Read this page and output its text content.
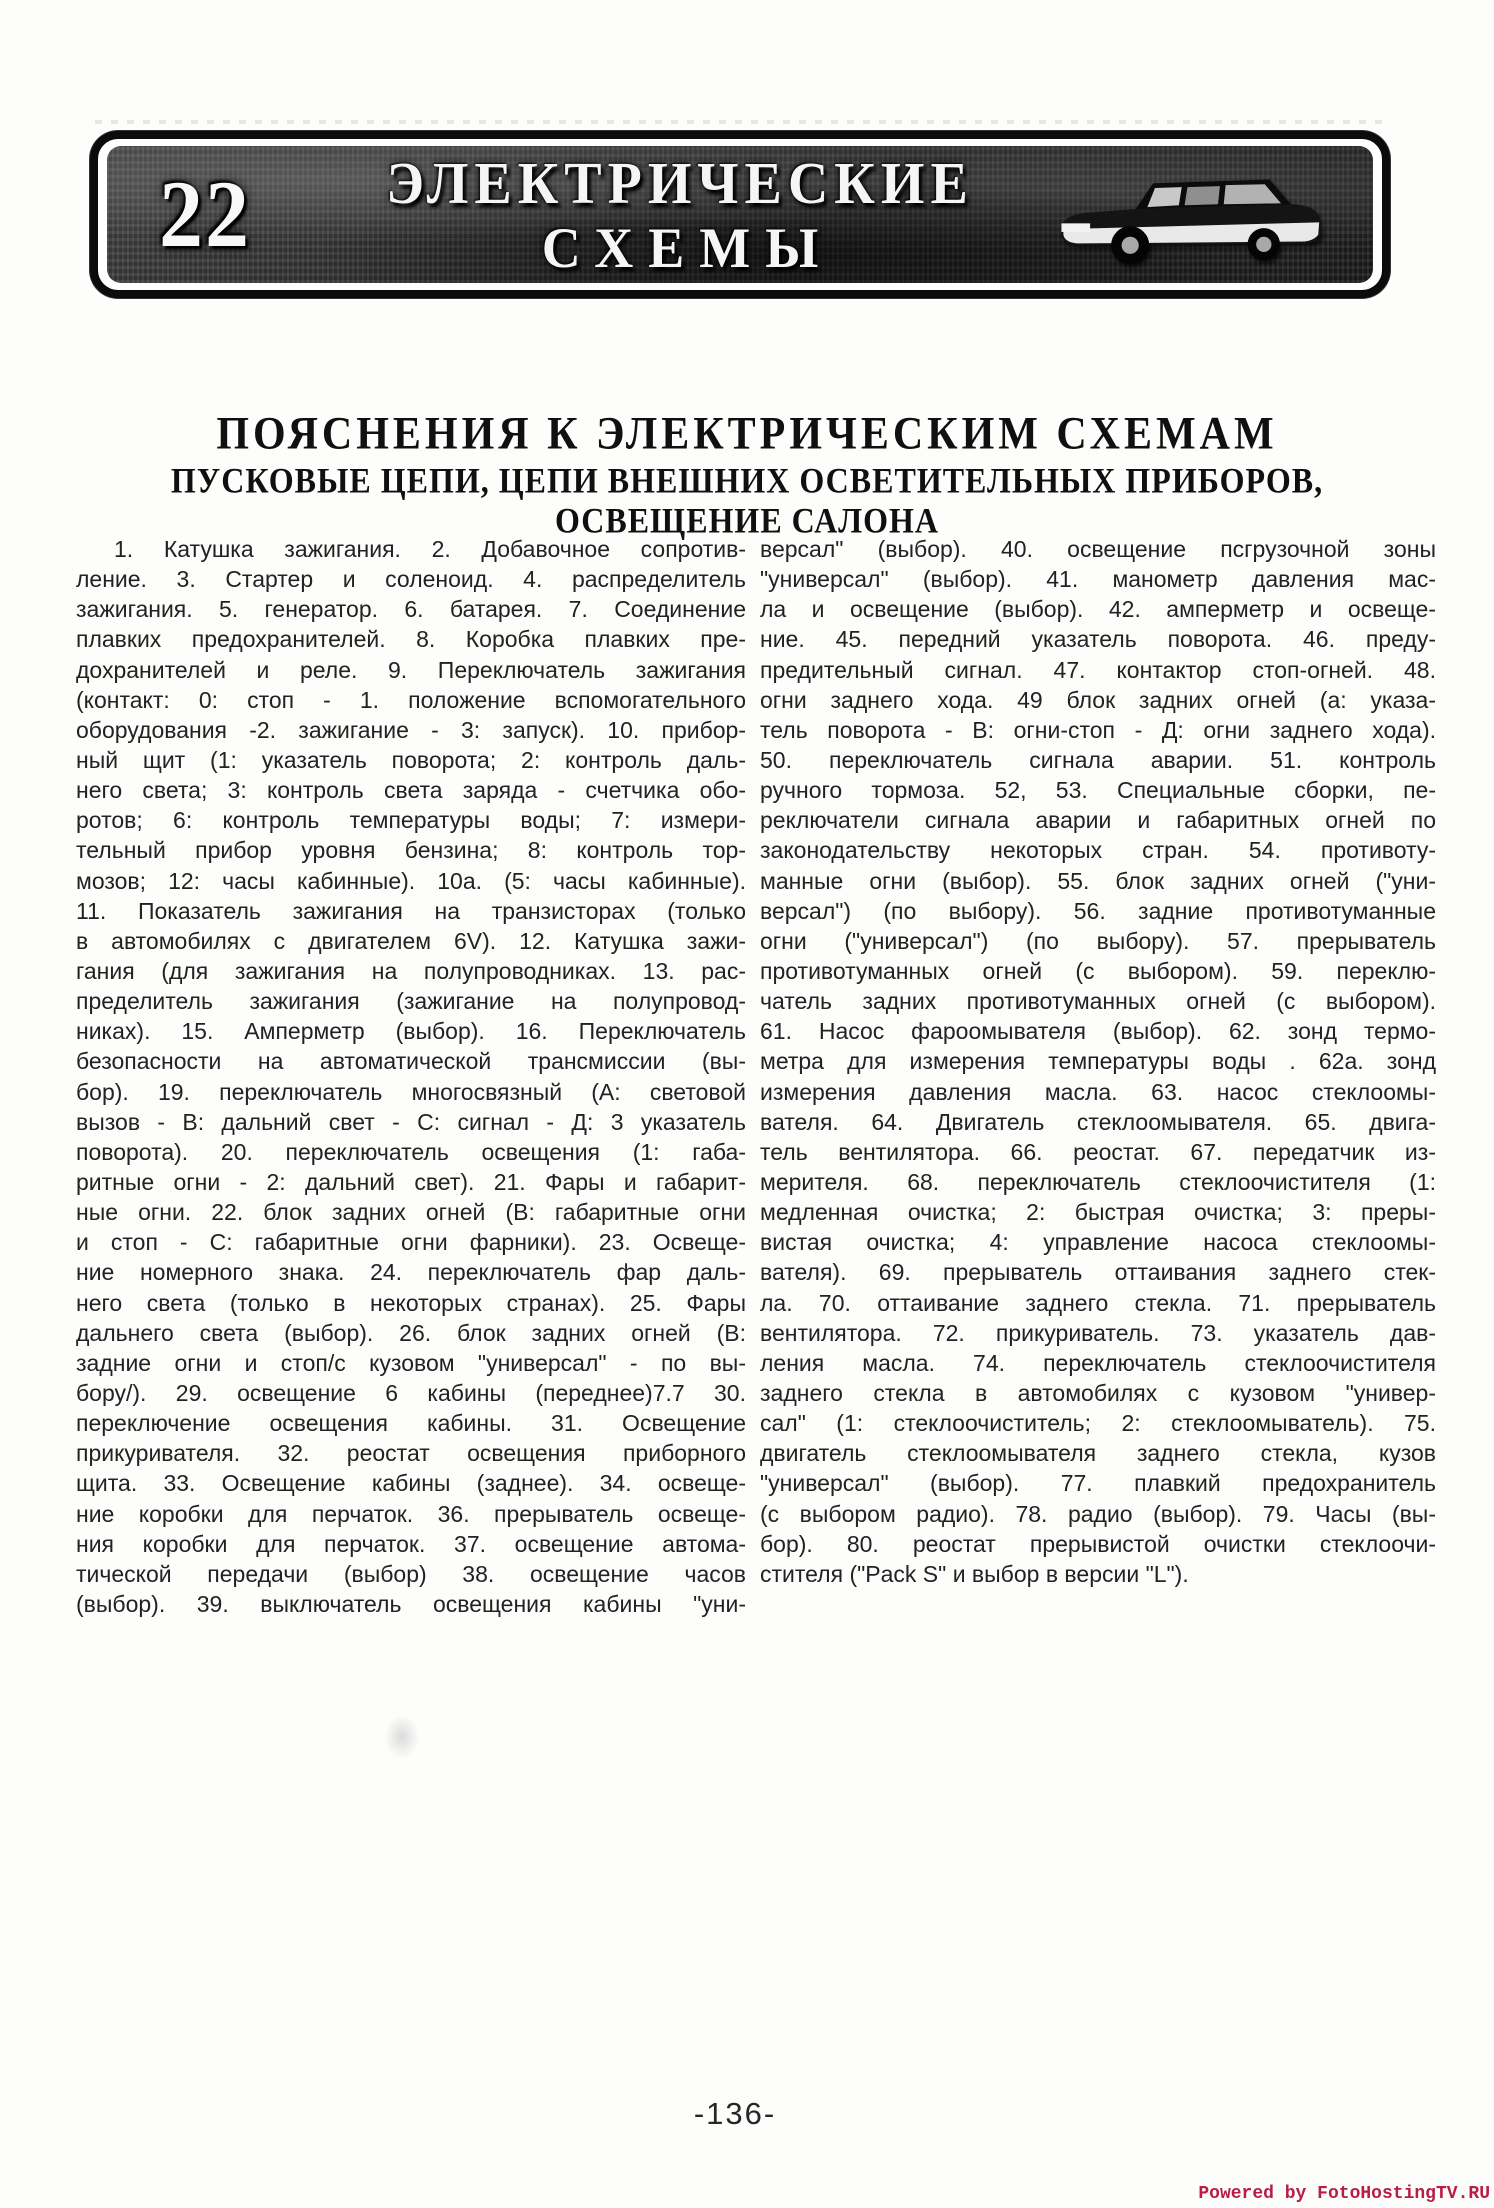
22 ЭЛЕКТРИЧЕСКИЕ
СХЕМЫ
ПОЯСНЕНИЯ К ЭЛЕКТРИЧЕСКИМ СХЕМАМ
ПУСКОВЫЕ ЦЕПИ, ЦЕПИ ВНЕШНИХ ОСВЕТИТЕЛЬНЫХ ПРИБОРОВ,
ОСВЕЩЕНИЕ САЛОНА
1. Катушка зажигания. 2. Добавочное сопротив-
ление. 3. Стартер и соленоид. 4. распределитель
зажигания. 5. генератор. 6. батарея. 7. Соединение
плавких предохранителей. 8. Коробка плавких пре-
дохранителей и реле. 9. Переключатель зажигания
(контакт: 0: стоп - 1. положение вспомогательного
оборудования -2. зажигание - 3: запуск). 10. прибор-
ный щит (1: указатель поворота; 2: контроль даль-
него света; 3: контроль света заряда - счетчика обо-
ротов; 6: контроль температуры воды; 7: измери-
тельный прибор уровня бензина; 8: контроль тор-
мозов; 12: часы кабинные). 10а. (5: часы кабинные).
11. Показатель зажигания на транзисторах (только
в автомобилях с двигателем 6V). 12. Катушка зажи-
гания (для зажигания на полупроводниках. 13. рас-
пределитель зажигания (зажигание на полупровод-
никах). 15. Амперметр (выбор). 16. Переключатель
безопасности на автоматической трансмиссии (вы-
бор). 19. переключатель многосвязный (А: световой
вызов - В: дальний свет - С: сигнал - Д: 3 указатель
поворота). 20. переключатель освещения (1: габа-
ритные огни - 2: дальний свет). 21. Фары и габарит-
ные огни. 22. блок задних огней (В: габаритные огни
и стоп - С: габаритные огни фарники). 23. Освеще-
ние номерного знака. 24. переключатель фар даль-
него света (только в некоторых странах). 25. Фары
дальнего света (выбор). 26. блок задних огней (В:
задние огни и стоп/с кузовом "универсал" - по вы-
бору/). 29. освещение 6 кабины (переднее)7.7 30.
переключение освещения кабины. 31. Освещение
прикуривателя. 32. реостат освещения приборного
щита. 33. Освещение кабины (заднее). 34. освеще-
ние коробки для перчаток. 36. прерыватель освеще-
ния коробки для перчаток. 37. освещение автома-
тической передачи (выбор) 38. освещение часов
(выбор). 39. выключатель освещения кабины "уни-
версал" (выбор). 40. освещение псгрузочной зоны
"универсал" (выбор). 41. манометр давления мас-
ла и освещение (выбор). 42. амперметр и освеще-
ние. 45. передний указатель поворота. 46. преду-
предительный сигнал. 47. контактор стоп-огней. 48.
огни заднего хода. 49 блок задних огней (а: указа-
тель поворота - В: огни-стоп - Д: огни заднего хода).
50. переключатель сигнала аварии. 51. контроль
ручного тормоза. 52, 53. Специальные сборки, пе-
реключатели сигнала аварии и габаритных огней по
законодательству некоторых стран. 54. противоту-
манные огни (выбор). 55. блок задних огней ("уни-
версал") (по выбору). 56. задние противотуманные
огни ("универсал") (по выбору). 57. прерыватель
противотуманных огней (с выбором). 59. переклю-
чатель задних противотуманных огней (с выбором).
61. Насос фароомывателя (выбор). 62. зонд термо-
метра для измерения температуры воды . 62а. зонд
измерения давления масла. 63. насос стеклоомы-
вателя. 64. Двигатель стеклоомывателя. 65. двига-
тель вентилятора. 66. реостат. 67. передатчик из-
мерителя. 68. переключатель стеклоочистителя (1:
медленная очистка; 2: быстрая очистка; 3: преры-
вистая очистка; 4: управление насоса стеклоомы-
вателя). 69. прерыватель оттаивания заднего стек-
ла. 70. оттаивание заднего стекла. 71. прерыватель
вентилятора. 72. прикуриватель. 73. указатель дав-
ления масла. 74. переключатель стеклоочистителя
заднего стекла в автомобилях с кузовом "универ-
сал" (1: стеклоочиститель; 2: стеклоомыватель). 75.
двигатель стеклоомывателя заднего стекла, кузов
"универсал" (выбор). 77. плавкий предохранитель
(с выбором радио). 78. радио (выбор). 79. Часы (вы-
бор). 80. реостат прерывистой очистки стеклоочи-
стителя ("Pack S" и выбор в версии "L").
-136-
Powered by FotoHostingTV.RU
